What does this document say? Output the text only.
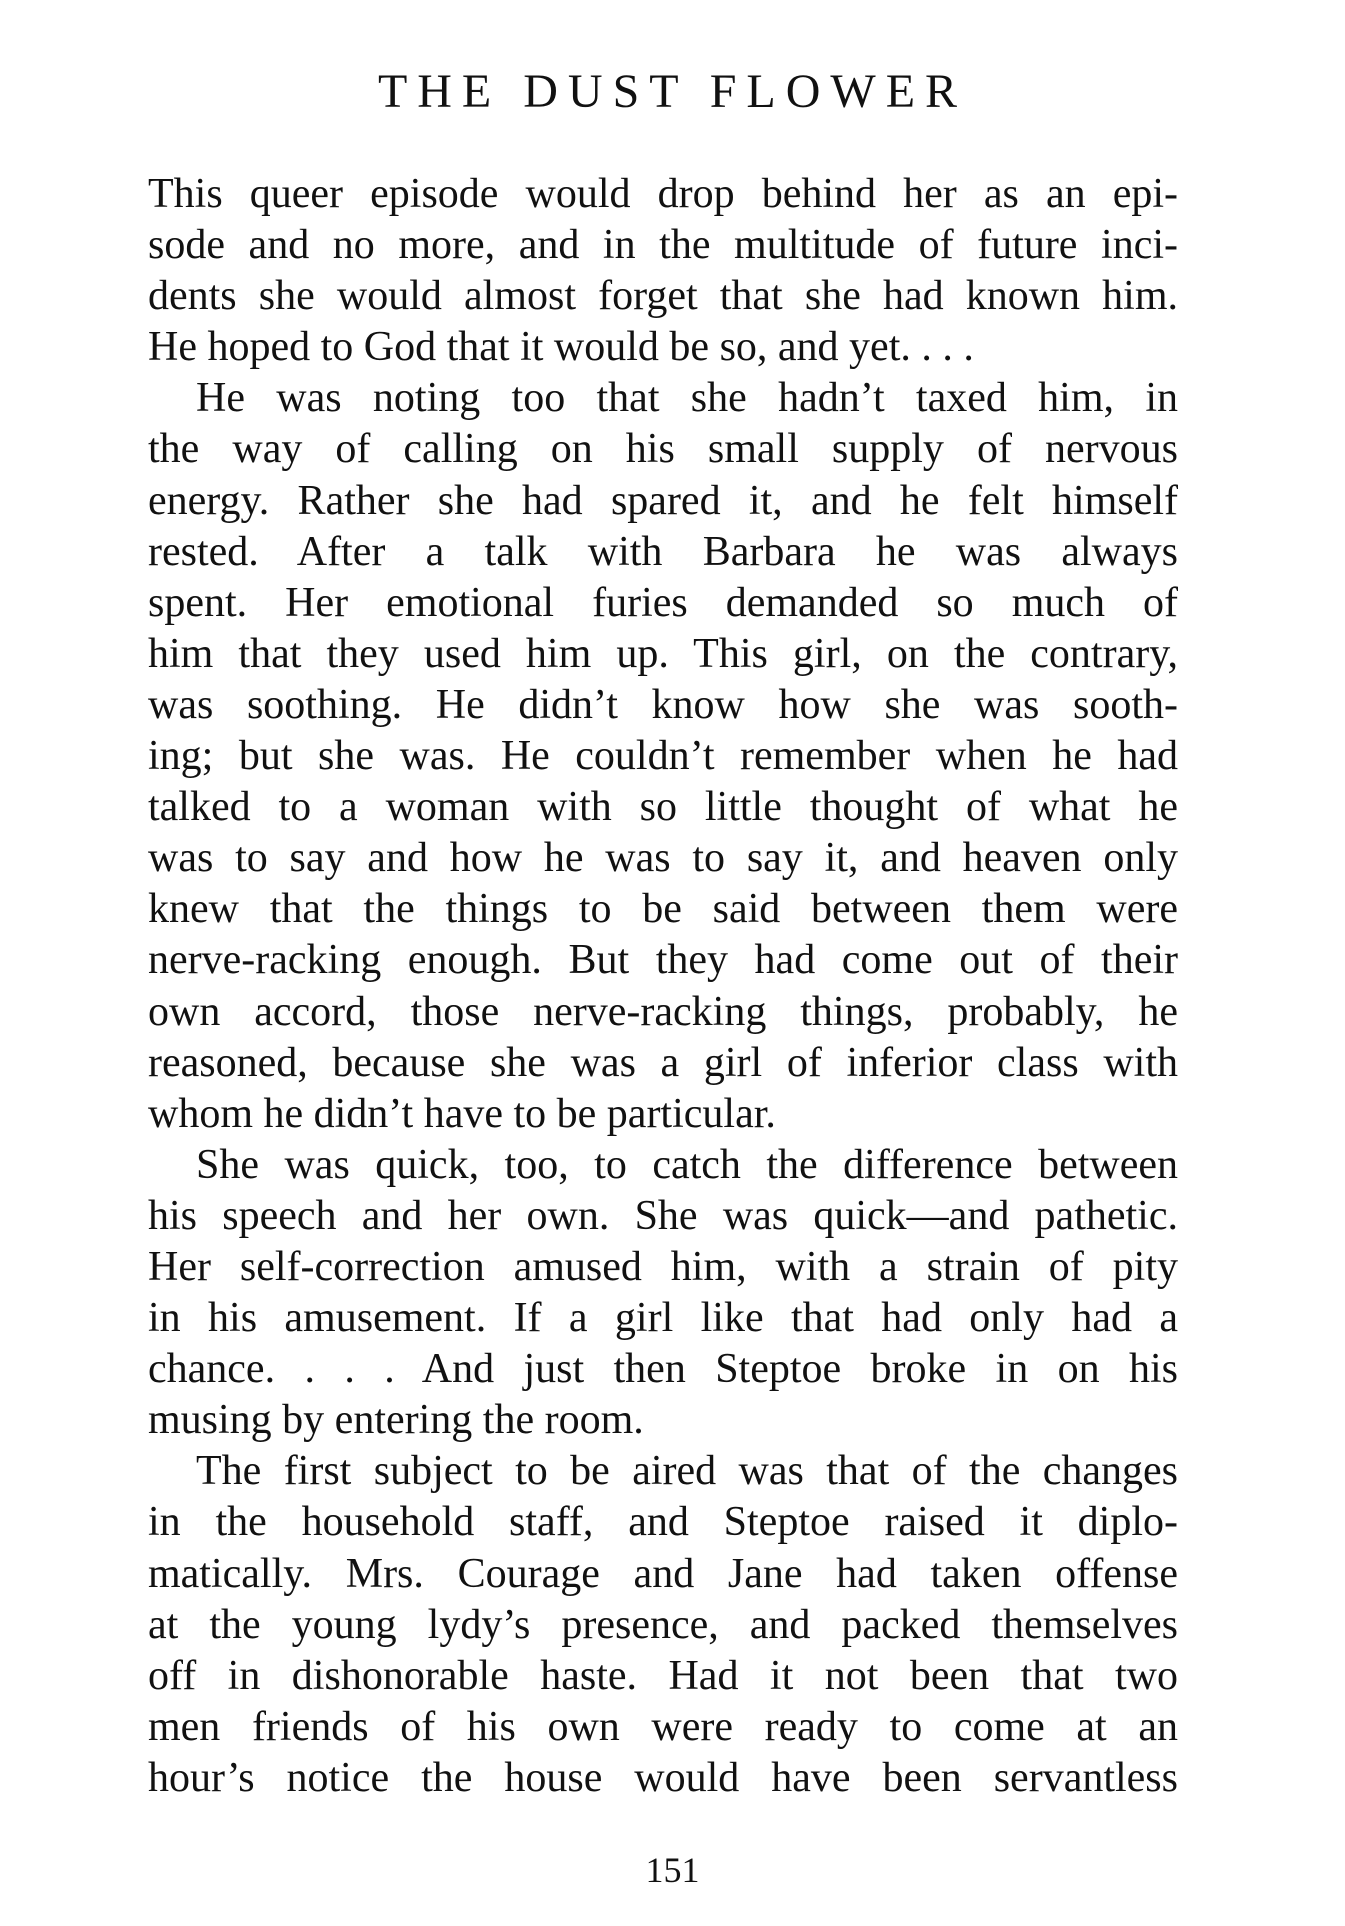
THE DUST FLOWER
This queer episode would drop behind her as an epi-
sode and no more, and in the multitude of future inci-
dents she would almost forget that she had known him.
He hoped to God that it would be so, and yet. . . .
He was noting too that she hadn’t taxed him, in
the way of calling on his small supply of nervous
energy. Rather she had spared it, and he felt himself
rested. After a talk with Barbara he was always
spent. Her emotional furies demanded so much of
him that they used him up. This girl, on the contrary,
was soothing. He didn’t know how she was sooth-
ing; but she was. He couldn’t remember when he had
talked to a woman with so little thought of what he
was to say and how he was to say it, and heaven only
knew that the things to be said between them were
nerve-racking enough. But they had come out of their
own accord, those nerve-racking things, probably, he
reasoned, because she was a girl of inferior class with
whom he didn’t have to be particular.
She was quick, too, to catch the difference between
his speech and her own. She was quick—and pathetic.
Her self-correction amused him, with a strain of pity
in his amusement. If a girl like that had only had a
chance. . . . And just then Steptoe broke in on his
musing by entering the room.
The first subject to be aired was that of the changes
in the household staff, and Steptoe raised it diplo-
matically. Mrs. Courage and Jane had taken offense
at the young lydy’s presence, and packed themselves
off in dishonorable haste. Had it not been that two
men friends of his own were ready to come at an
hour’s notice the house would have been servantless
151
